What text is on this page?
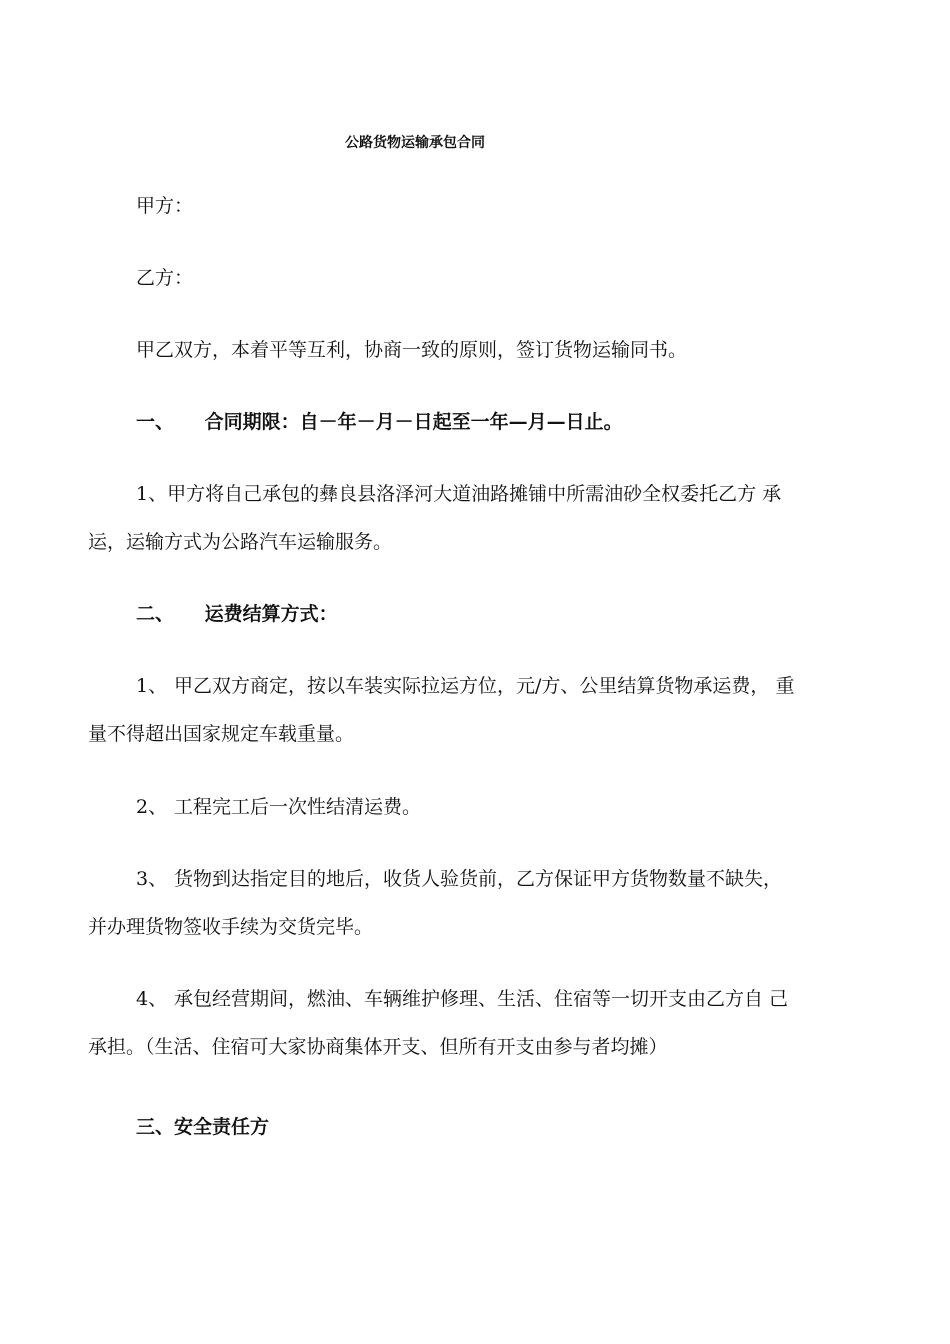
公路货物运输承包合同
甲方：
乙方：
甲乙双方，本着平等互利，协商一致的原则，签订货物运输同书。
一、 合同期限：自－年－月－日起至一年—月—日止。
1、甲方将自己承包的彝良县洛泽河大道油路摊铺中所需油砂全权委托乙方 承
运，运输方式为公路汽车运输服务。
二、 运费结算方式：
1、 甲乙双方商定，按以车装实际拉运方位，元/方、公里结算货物承运费， 重
量不得超出国家规定车载重量。
2、 工程完工后一次性结清运费。
3、 货物到达指定目的地后，收货人验货前，乙方保证甲方货物数量不缺失，
并办理货物签收手续为交货完毕。
4、 承包经营期间，燃油、车辆维护修理、生活、住宿等一切开支由乙方自 己
承担。（生活、住宿可大家协商集体开支、但所有开支由参与者均摊）
三、安全责任方
